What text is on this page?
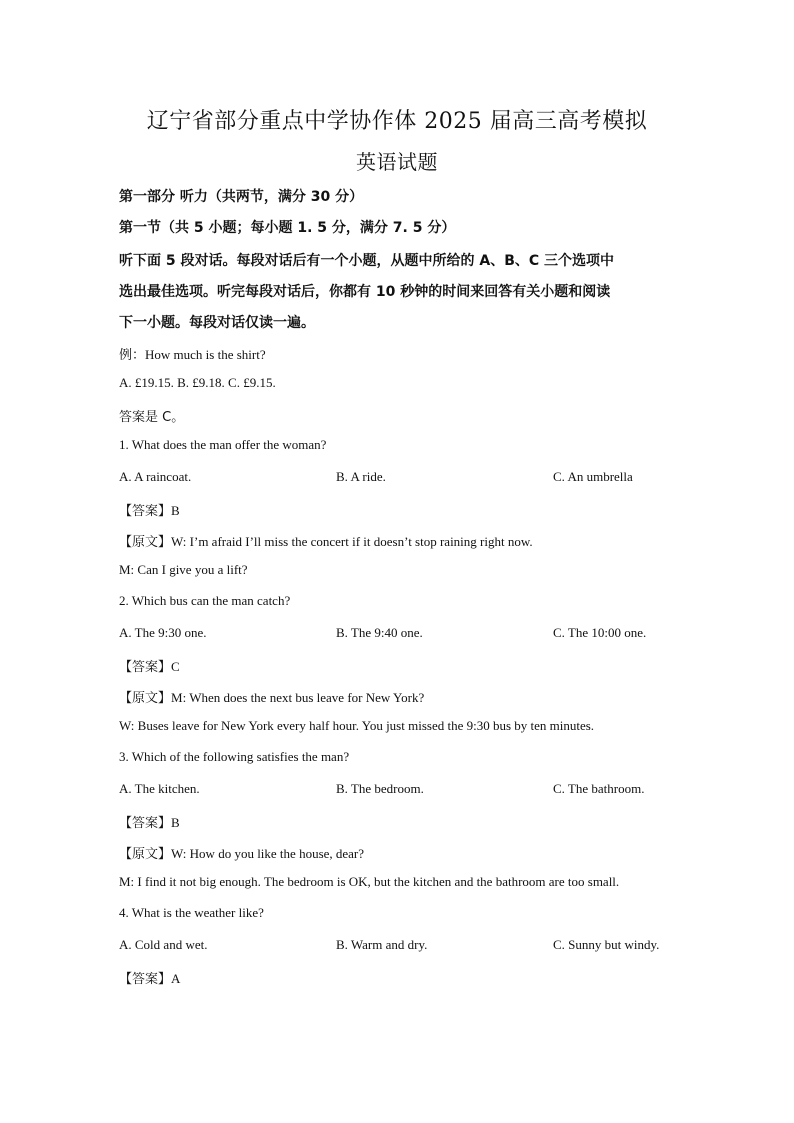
辽宁省部分重点中学协作体 2025 届高三高考模拟
英语试题
第一部分 听力（共两节，满分 30 分）
第一节（共 5 小题；每小题 1. 5 分，满分 7. 5 分）
听下面 5 段对话。每段对话后有一个小题，从题中所给的 A、B、C 三个选项中
选出最佳选项。听完每段对话后，你都有 10 秒钟的时间来回答有关小题和阅读
下一小题。每段对话仅读一遍。
例：How much is the shirt?
A. £19.15. B. £9.18. C. £9.15.
答案是 C。
1. What does the man offer the woman?
A. A raincoat.	B. A ride.	C. An umbrella
【答案】B
【原文】W: I’m afraid I’ll miss the concert if it doesn’t stop raining right now.
M: Can I give you a lift?
2. Which bus can the man catch?
A. The 9:30 one.	B. The 9:40 one.	C. The 10:00 one.
【答案】C
【原文】M: When does the next bus leave for New York?
W: Buses leave for New York every half hour. You just missed the 9:30 bus by ten minutes.
3. Which of the following satisfies the man?
A. The kitchen.	B. The bedroom.	C. The bathroom.
【答案】B
【原文】W: How do you like the house, dear?
M: I find it not big enough. The bedroom is OK, but the kitchen and the bathroom are too small.
4. What is the weather like?
A. Cold and wet.	B. Warm and dry.	C. Sunny but windy.
【答案】A
